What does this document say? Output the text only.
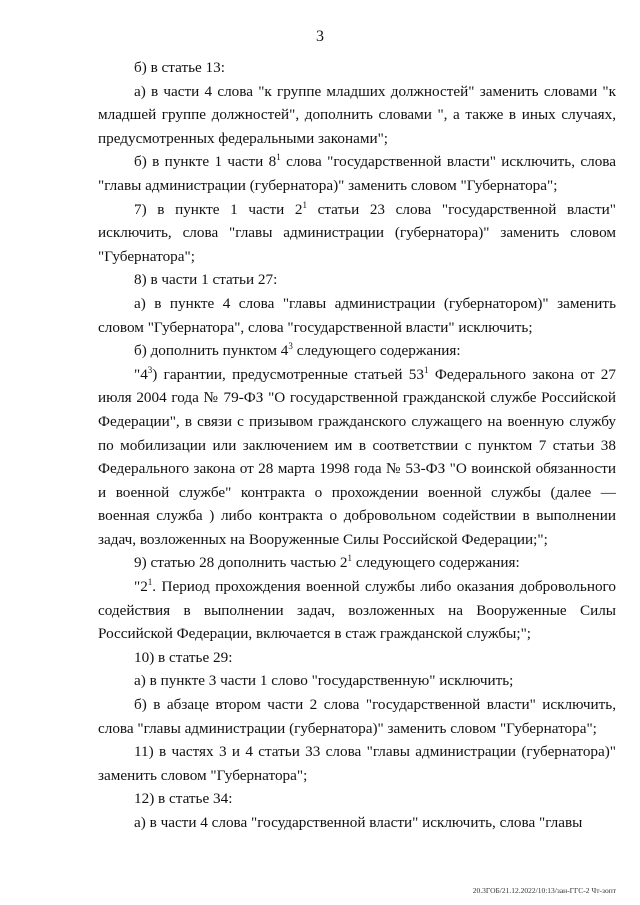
3

б) в статье 13:

а) в части 4 слова "к группе младших должностей" заменить словами "к младшей группе должностей", дополнить словами ", а также в иных случаях, предусмотренных федеральными законами";

б) в пункте 1 части $8^1$ слова "государственной власти" исключить, слова "главы администрации (губернатора)" заменить словом "Губернатора";

7) в пункте 1 части $2^1$ статьи 23 слова "государственной власти" исключить, слова "главы администрации (губернатора)" заменить словом "Губернатора";

8) в части 1 статьи 27:

а) в пункте 4 слова "главы администрации (губернатором)" заменить словом "Губернатора", слова "государственной власти" исключить;

б) дополнить пунктом $4^3$ следующего содержания:

"$4^3$) гарантии, предусмотренные статьей $53^1$ Федерального закона от 27 июля 2004 года № 79-ФЗ "О государственной гражданской службе Российской Федерации", в связи с призывом гражданского служащего на военную службу по мобилизации или заключением им в соответствии с пунктом 7 статьи 38 Федерального закона от 28 марта 1998 года № 53-ФЗ "О воинской обязанности и военной службе" контракта о прохождении военной службы (далее — военная служба ) либо контракта о добровольном содействии в выполнении задач, возложенных на Вооруженные Силы Российской Федерации;";

9) статью 28 дополнить частью $2^1$ следующего содержания:

"$2^1$. Период прохождения военной службы либо оказания добровольного содействия в выполнении задач, возложенных на Вооруженные Силы Российской Федерации, включается в стаж гражданской службы;";

10) в статье 29:

а) в пункте 3 части 1 слово "государственную" исключить;

б) в абзаце втором части 2 слова "государственной власти" исключить, слова "главы администрации (губернатора)" заменить словом "Губернатора";

11) в частях 3 и 4 статьи 33 слова "главы администрации (губернатора)" заменить словом "Губернатора";

12) в статье 34:

а) в части 4 слова "государственной власти" исключить, слова "главы

20.3ГОБ/21.12.2022/10:13/зан-ГГС-2 Чт-зопт
